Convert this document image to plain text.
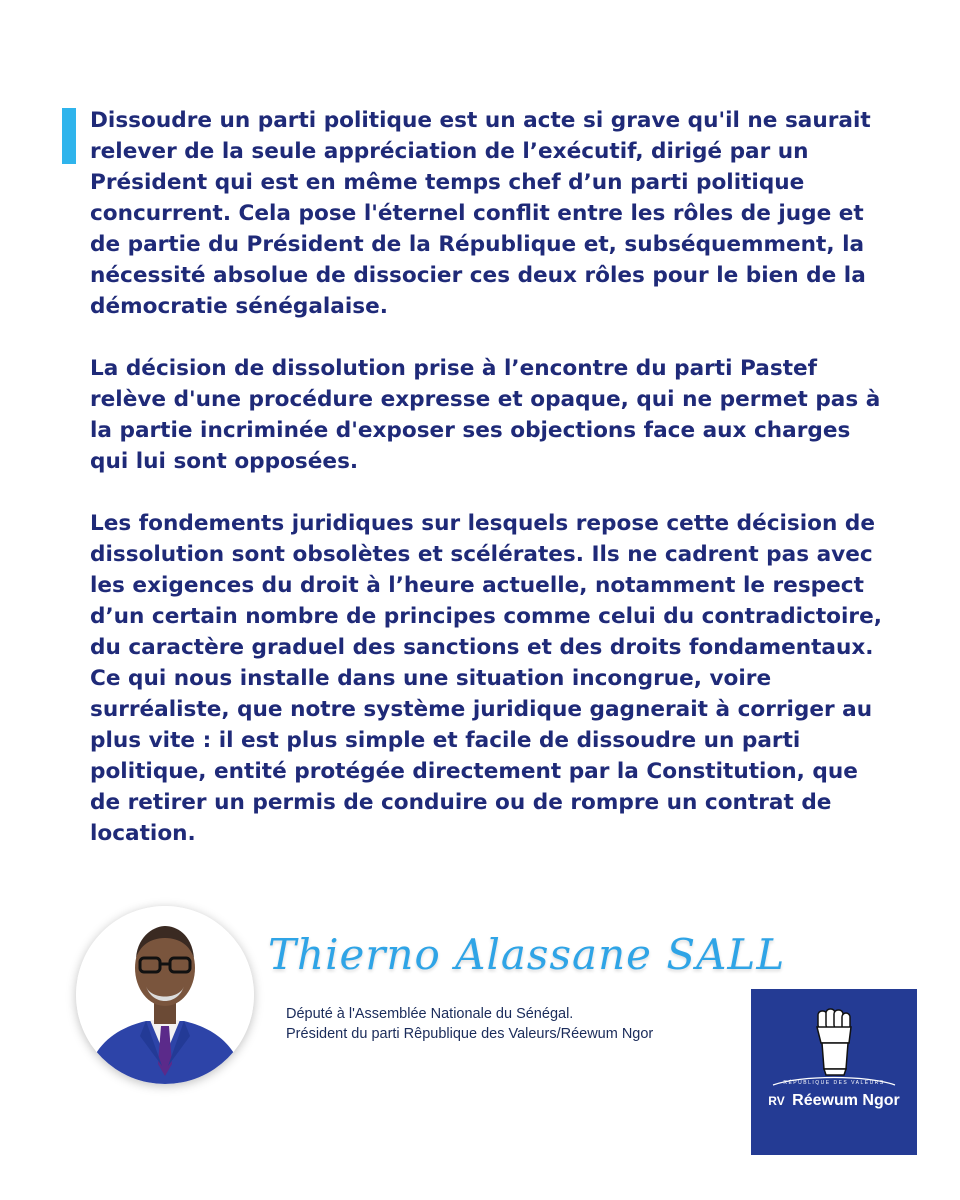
Dissoudre un parti politique est un acte si grave qu'il ne saurait relever de la seule appréciation de l’exécutif, dirigé par un Président qui est en même temps chef d’un parti politique concurrent. Cela pose l'éternel conflit entre les rôles de juge et de partie du Président de la République et, subséquemment, la nécessité absolue de dissocier ces deux rôles pour le bien de la démocratie sénégalaise.

La décision de dissolution prise à l’encontre du parti Pastef relève d'une procédure expresse et opaque, qui ne permet pas à la partie incriminée d'exposer ses objections face aux charges qui lui sont opposées.

Les fondements juridiques sur lesquels repose cette décision de dissolution sont obsolètes et scélérates. Ils ne cadrent pas avec les exigences du droit à l’heure actuelle, notamment le respect d’un certain nombre de principes comme celui du contradictoire, du caractère graduel des sanctions et des droits fondamentaux. Ce qui nous installe dans une situation incongrue, voire surréaliste, que notre système juridique gagnerait à corriger au plus vite : il est plus simple et facile de dissoudre un parti politique, entité protégée directement par la Constitution, que de retirer un permis de conduire ou de rompre un contrat de location.

Thierno Alassane SALL
Député à l'Assemblée Nationale du Sénégal.
Président du parti Rêpublique des Valeurs/Réewum Ngor
RÉPUBLIQUE DES VALEURS
RV Réewum Ngor
